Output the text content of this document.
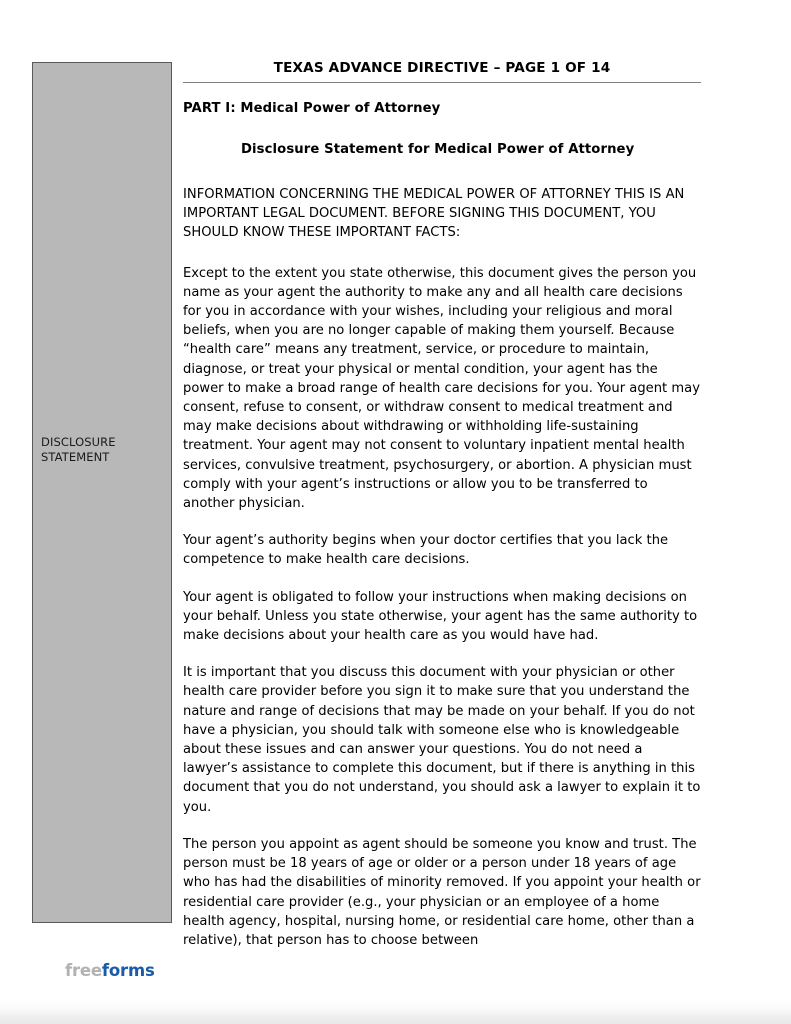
DISCLOSURE
STATEMENT
TEXAS ADVANCE DIRECTIVE – PAGE 1 OF 14
PART I: Medical Power of Attorney
Disclosure Statement for Medical Power of Attorney

INFORMATION CONCERNING THE MEDICAL POWER OF ATTORNEY THIS IS AN IMPORTANT LEGAL DOCUMENT. BEFORE SIGNING THIS DOCUMENT, YOU SHOULD KNOW THESE IMPORTANT FACTS:

Except to the extent you state otherwise, this document gives the person you name as your agent the authority to make any and all health care decisions for you in accordance with your wishes, including your religious and moral beliefs, when you are no longer capable of making them yourself. Because “health care” means any treatment, service, or procedure to maintain, diagnose, or treat your physical or mental condition, your agent has the power to make a broad range of health care decisions for you. Your agent may consent, refuse to consent, or withdraw consent to medical treatment and may make decisions about withdrawing or withholding life-sustaining treatment. Your agent may not consent to voluntary inpatient mental health services, convulsive treatment, psychosurgery, or abortion. A physician must comply with your agent’s instructions or allow you to be transferred to another physician.

Your agent’s authority begins when your doctor certifies that you lack the competence to make health care decisions.

Your agent is obligated to follow your instructions when making decisions on your behalf. Unless you state otherwise, your agent has the same authority to make decisions about your health care as you would have had.

It is important that you discuss this document with your physician or other health care provider before you sign it to make sure that you understand the nature and range of decisions that may be made on your behalf. If you do not have a physician, you should talk with someone else who is knowledgeable about these issues and can answer your questions. You do not need a lawyer’s assistance to complete this document, but if there is anything in this document that you do not understand, you should ask a lawyer to explain it to you.

The person you appoint as agent should be someone you know and trust. The person must be 18 years of age or older or a person under 18 years of age who has had the disabilities of minority removed. If you appoint your health or residential care provider (e.g., your physician or an employee of a home health agency, hospital, nursing home, or residential care home, other than a relative), that person has to choose between

freeforms
